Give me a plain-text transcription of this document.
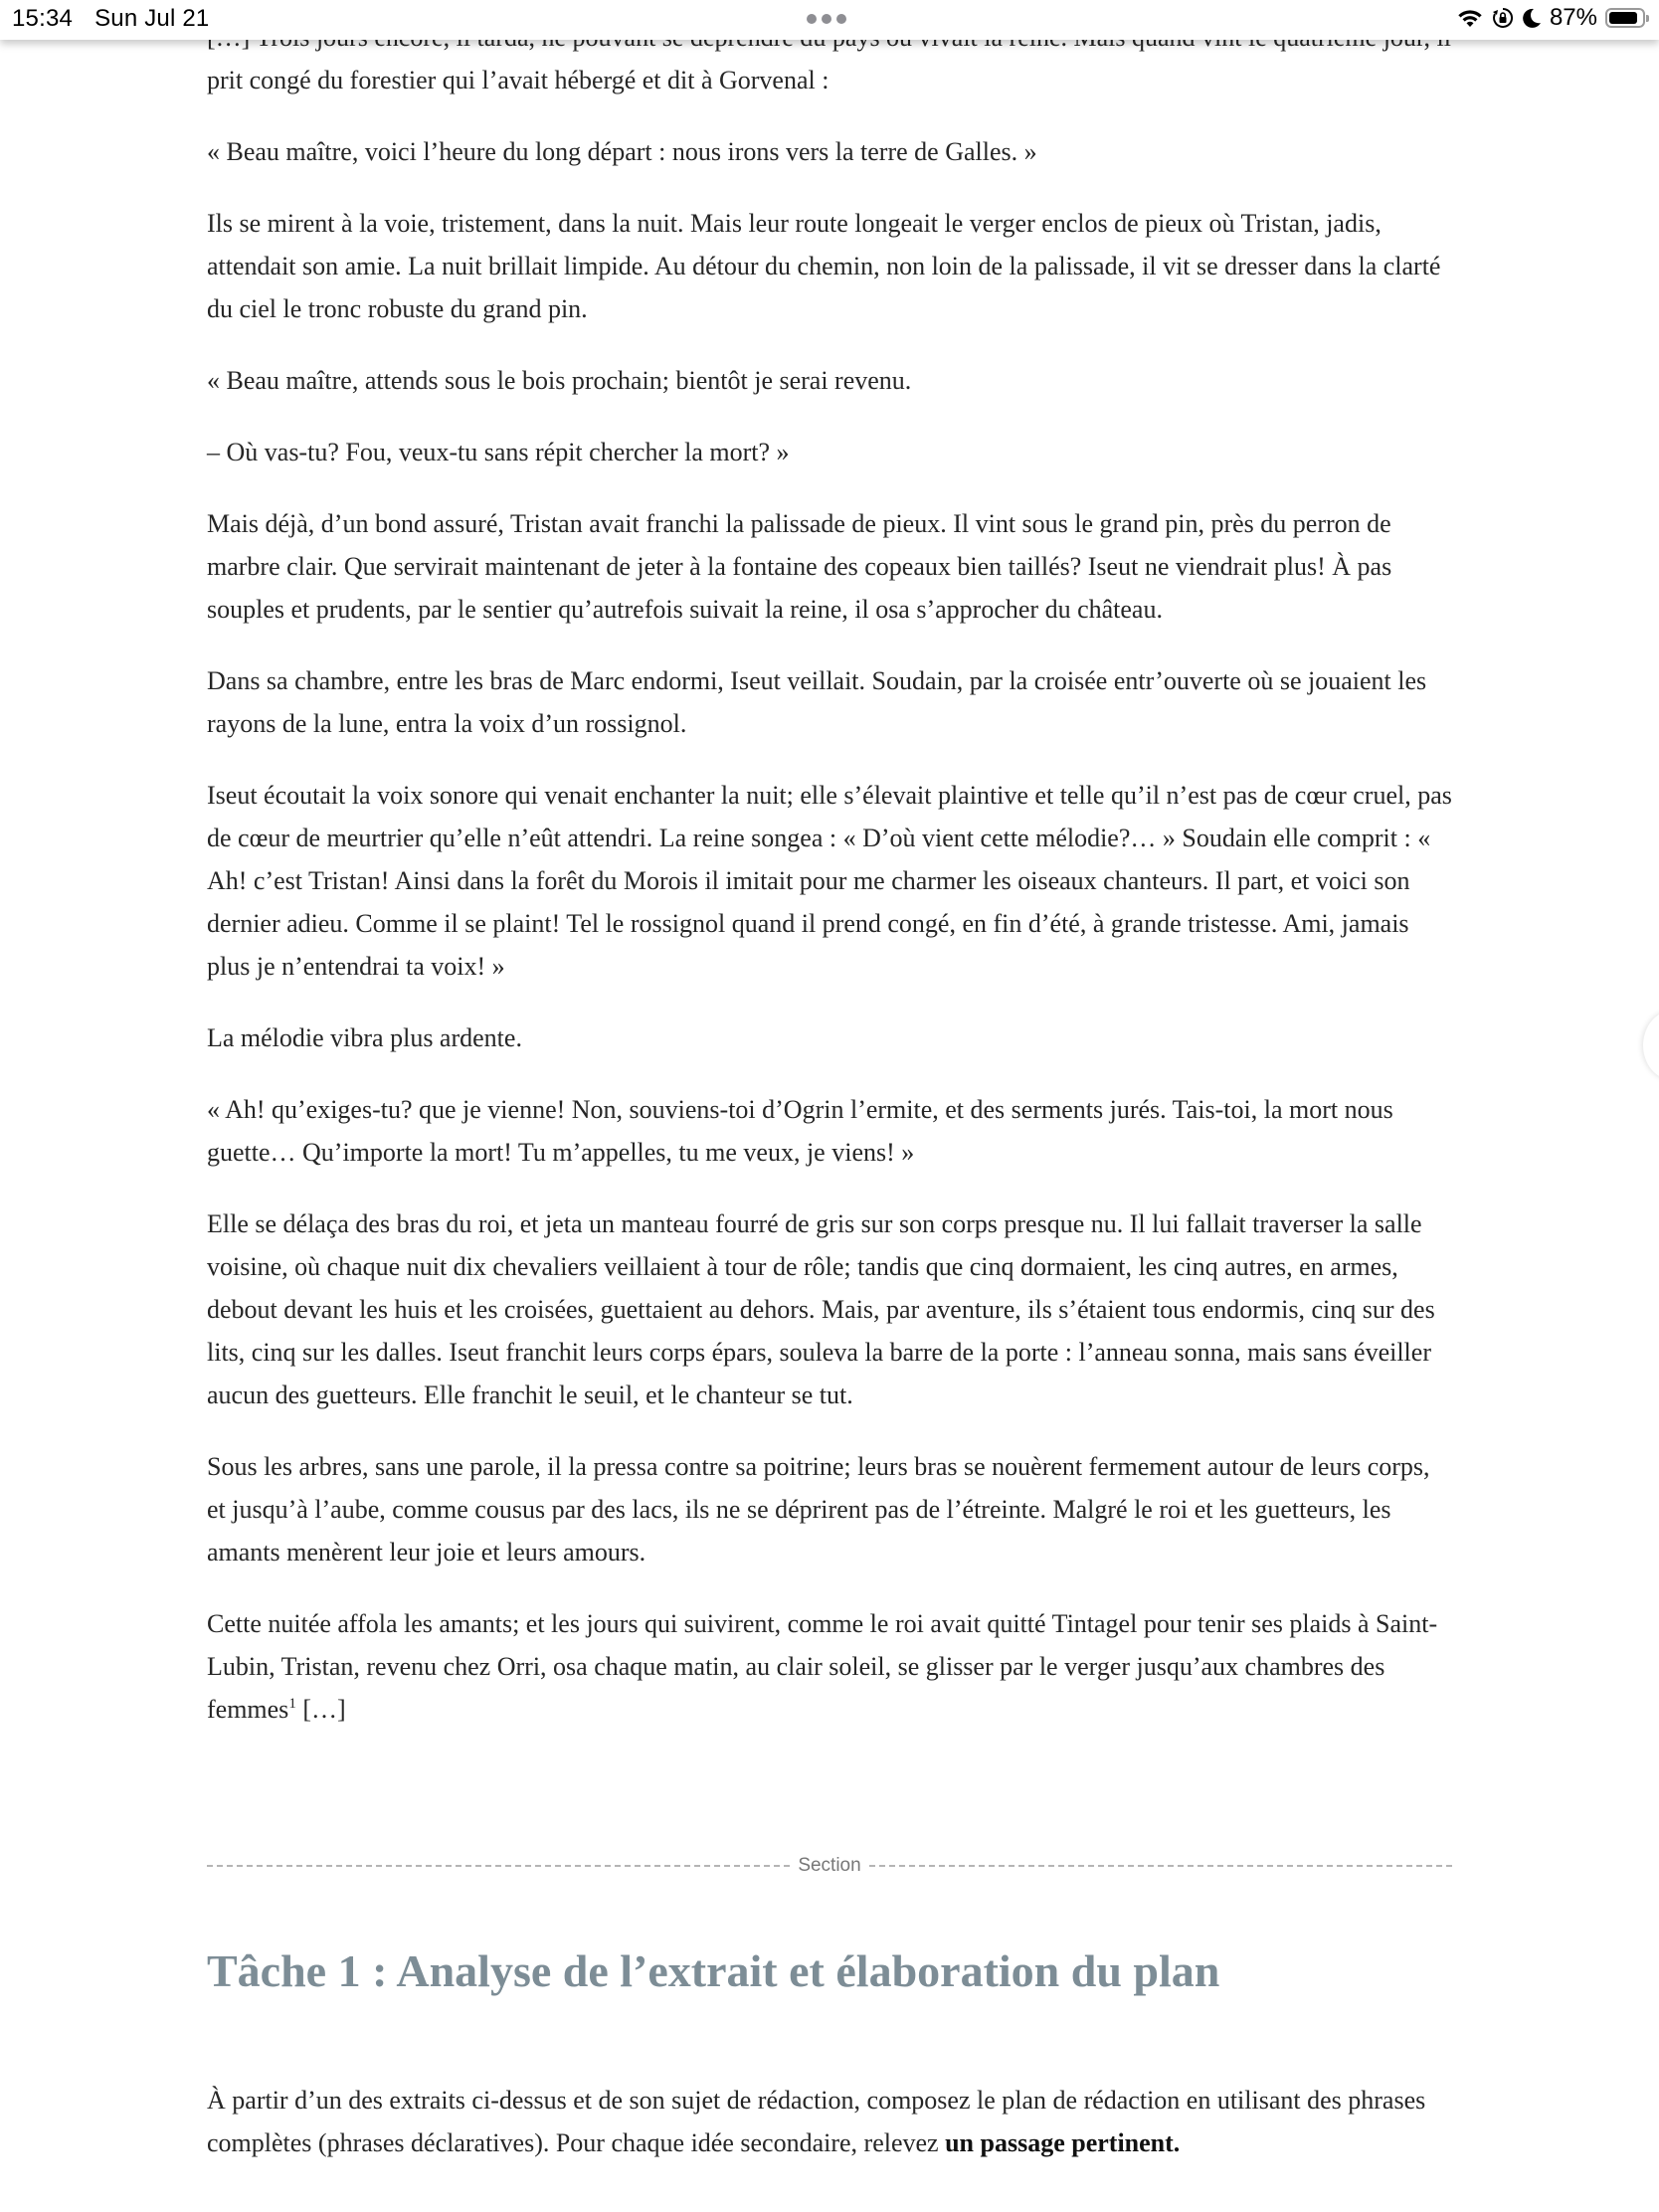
15:34 Sun Jul 21	87%

prit congé du forestier qui l’avait hébergé et dit à Gorvenal :

« Beau maître, voici l’heure du long départ : nous irons vers la terre de Galles. »

Ils se mirent à la voie, tristement, dans la nuit. Mais leur route longeait le verger enclos de pieux où Tristan, jadis, attendait son amie. La nuit brillait limpide. Au détour du chemin, non loin de la palissade, il vit se dresser dans la clarté du ciel le tronc robuste du grand pin.

« Beau maître, attends sous le bois prochain; bientôt je serai revenu.

– Où vas-tu? Fou, veux-tu sans répit chercher la mort? »

Mais déjà, d’un bond assuré, Tristan avait franchi la palissade de pieux. Il vint sous le grand pin, près du perron de marbre clair. Que servirait maintenant de jeter à la fontaine des copeaux bien taillés? Iseut ne viendrait plus! À pas souples et prudents, par le sentier qu’autrefois suivait la reine, il osa s’approcher du château.

Dans sa chambre, entre les bras de Marc endormi, Iseut veillait. Soudain, par la croisée entr’ouverte où se jouaient les rayons de la lune, entra la voix d’un rossignol.

Iseut écoutait la voix sonore qui venait enchanter la nuit; elle s’élevait plaintive et telle qu’il n’est pas de cœur cruel, pas de cœur de meurtrier qu’elle n’eût attendri. La reine songea : « D’où vient cette mélodie?… » Soudain elle comprit : « Ah! c’est Tristan! Ainsi dans la forêt du Morois il imitait pour me charmer les oiseaux chanteurs. Il part, et voici son dernier adieu. Comme il se plaint! Tel le rossignol quand il prend congé, en fin d’été, à grande tristesse. Ami, jamais plus je n’entendrai ta voix! »

La mélodie vibra plus ardente.

« Ah! qu’exiges-tu? que je vienne! Non, souviens-toi d’Ogrin l’ermite, et des serments jurés. Tais-toi, la mort nous guette… Qu’importe la mort! Tu m’appelles, tu me veux, je viens! »

Elle se délaça des bras du roi, et jeta un manteau fourré de gris sur son corps presque nu. Il lui fallait traverser la salle voisine, où chaque nuit dix chevaliers veillaient à tour de rôle; tandis que cinq dormaient, les cinq autres, en armes, debout devant les huis et les croisées, guettaient au dehors. Mais, par aventure, ils s’étaient tous endormis, cinq sur des lits, cinq sur les dalles. Iseut franchit leurs corps épars, souleva la barre de la porte : l’anneau sonna, mais sans éveiller aucun des guetteurs. Elle franchit le seuil, et le chanteur se tut.

Sous les arbres, sans une parole, il la pressa contre sa poitrine; leurs bras se nouèrent fermement autour de leurs corps, et jusqu’à l’aube, comme cousus par des lacs, ils ne se déprirent pas de l’étreinte. Malgré le roi et les guetteurs, les amants menèrent leur joie et leurs amours.

Cette nuitée affola les amants; et les jours qui suivirent, comme le roi avait quitté Tintagel pour tenir ses plaids à Saint-Lubin, Tristan, revenu chez Orri, osa chaque matin, au clair soleil, se glisser par le verger jusqu’aux chambres des femmes$^1$ […]

Section
Tâche 1 : Analyse de l’extrait et élaboration du plan

À partir d’un des extraits ci-dessus et de son sujet de rédaction, composez le plan de rédaction en utilisant des phrases complètes (phrases déclaratives). Pour chaque idée secondaire, relevez un passage pertinent.
